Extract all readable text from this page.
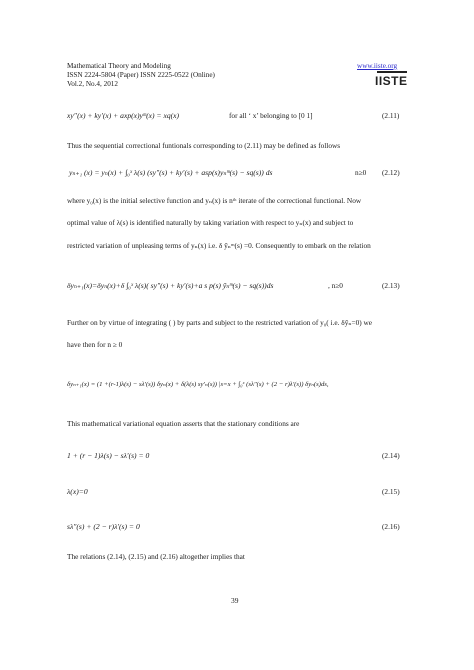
Mathematical Theory and Modeling
ISSN 2224-5804 (Paper) ISSN 2225-0522 (Online)
Vol.2, No.4, 2012
www.iiste.org
IISTE
xy′′(x) + ky′(x) + axp(x)yᵐ(x) = xq(x)	for all ‘ x’ belonging to [0 1]	(2.11)
Thus the sequential correctional funtionals corresponding to (2.11) may be defined as follows
yₙ₊₁ (x) = yₙ(x) + ∫₀ˣ λ(s) (sy″(s) + ky′(s) + asp(s)yₙᵐ(s) − sq(s)) ds	n≥0 (2.12)
where y₀(x) is the initial selective function and yₙ(x) is nᵗʰ iterate of the correctional functional. Now
optimal value of λ(s) is identified naturally by taking variation with respect to yₙ(x) and subject to
restricted variation of unpleasing terms of yₙ(x) i.e. δ ỹₙᵐ(s) =0. Consequently to embark on the relation
δyₙ₊₁(x)=δyₙ(x)+δ ∫₀ˣ λ(s)( sy″(s) + ky′(s)+a s p(s) ỹₙᵐ(s) − sq(s))ds	, n≥0	(2.13)
Further on by virtue of integrating ( ) by parts and subject to the restricted variation of y₀( i.e. δỹₙ=0) we
have then for n ≥ 0
δyₙ₊₁(x) = (1 +(r-1)λ(s) − sλ′(s)) δyₙ(x) + δ(λ(s) sy′ₙ(s)) |s=x + ∫₀ˣ (sλ″(s) + (2 − r)λ′(s)) δyₙ(s)ds,
This mathematical variational equation asserts that the stationary conditions are
1 + (r − 1)λ(s) − sλ′(s) = 0	(2.14)
λ(x)=0	(2.15)
sλ″(s) + (2 − r)λ′(s) = 0	(2.16)
The relations (2.14), (2.15) and (2.16) altogether implies that
39
